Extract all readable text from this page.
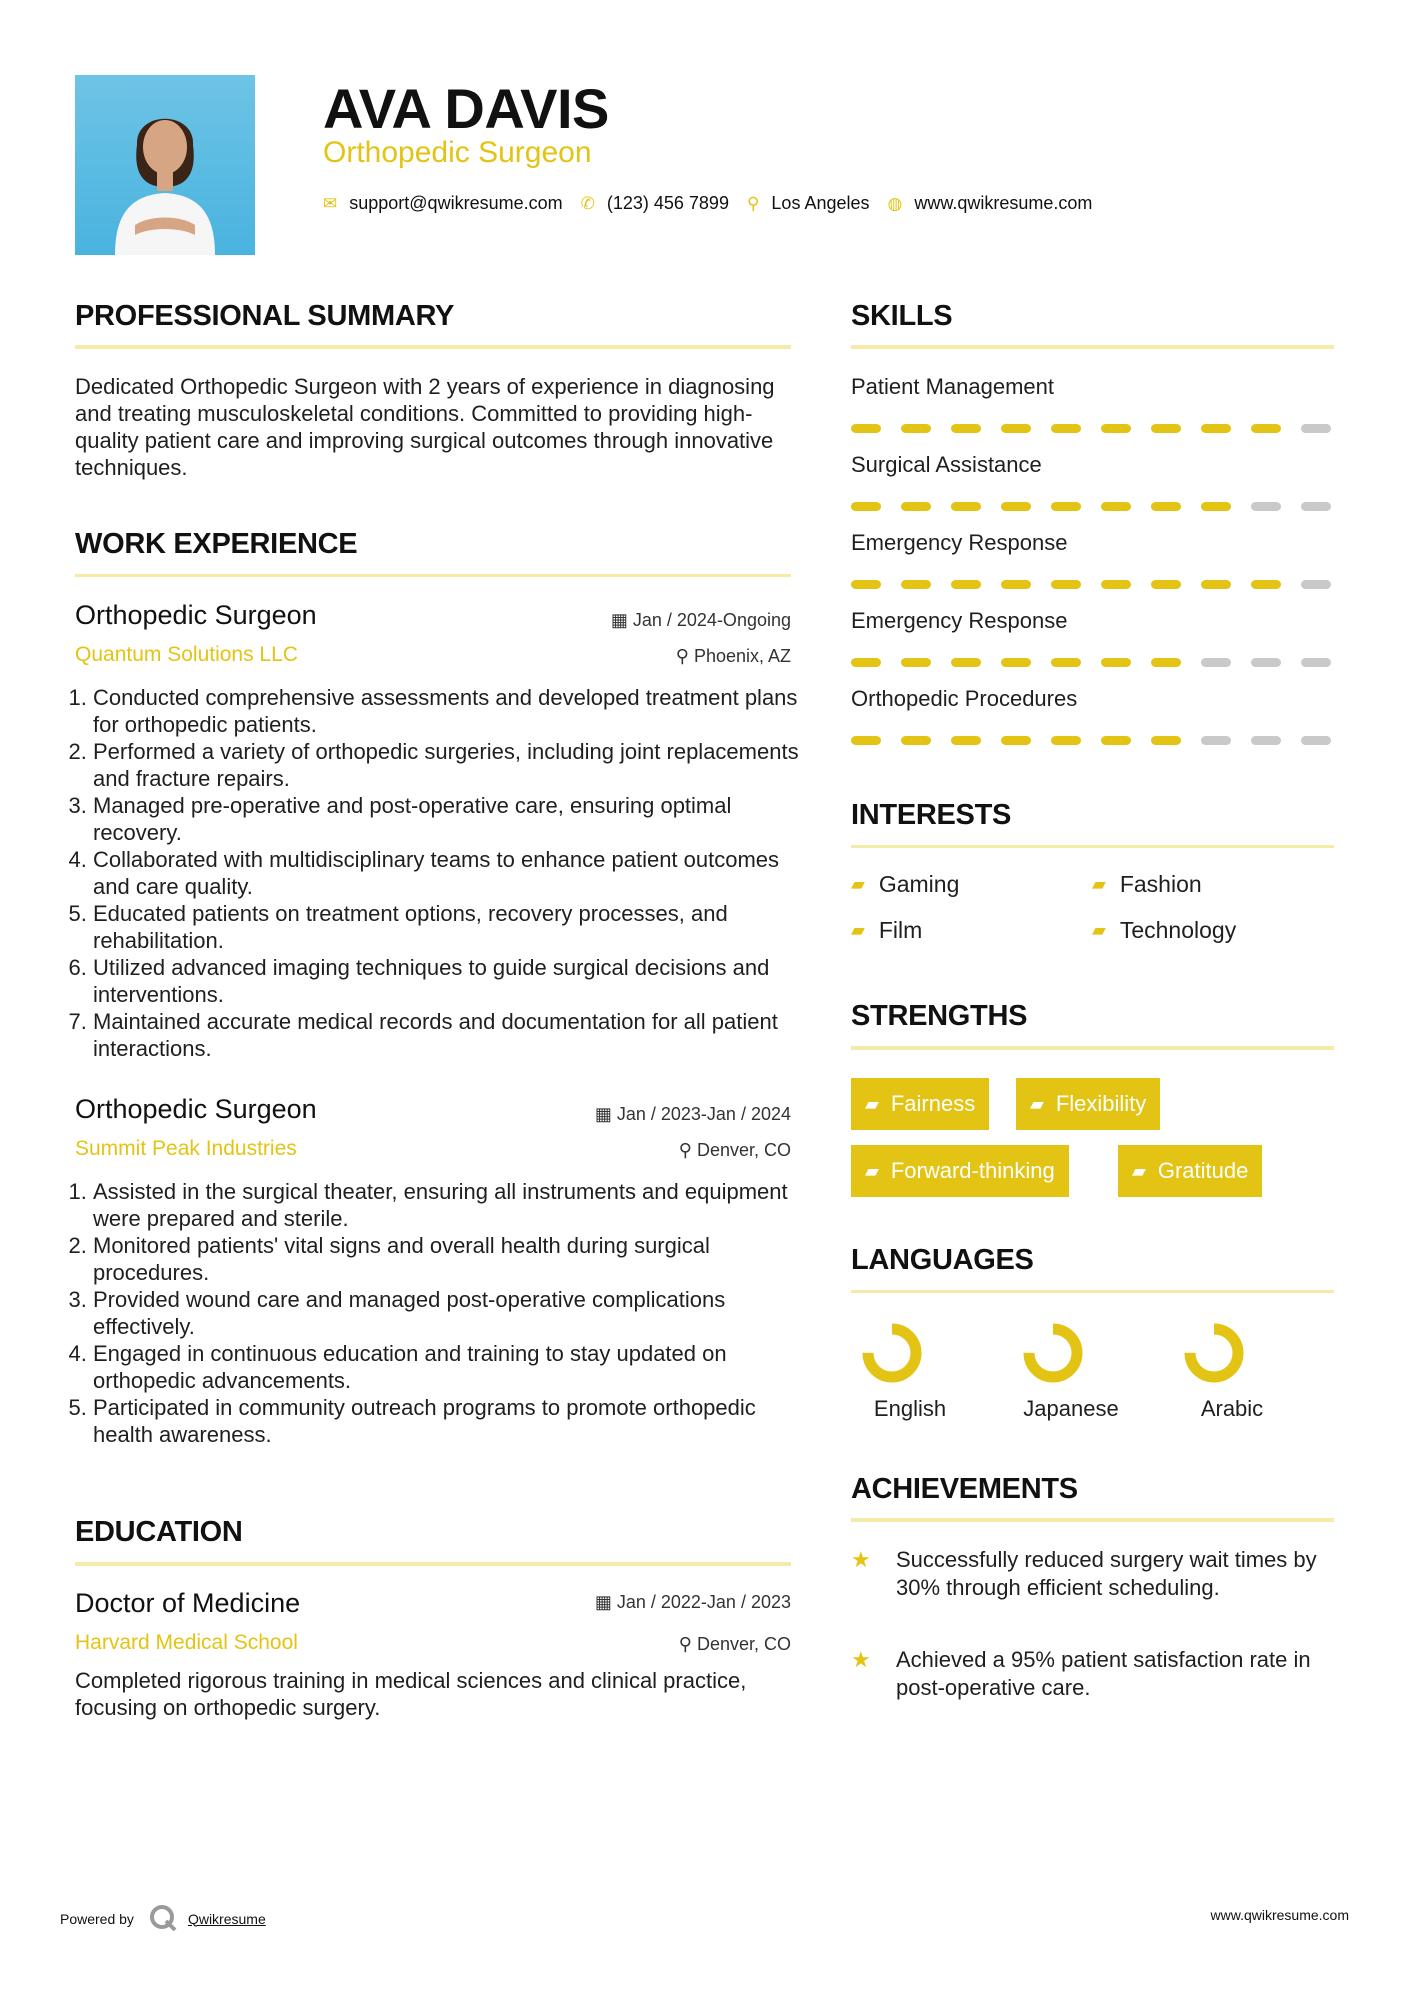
AVA DAVIS
Orthopedic Surgeon
✉ support@qwikresume.com ✆ (123) 456 7899 ⚲ Los Angeles ◍ www.qwikresume.com
PROFESSIONAL SUMMARY
Dedicated Orthopedic Surgeon with 2 years of experience in diagnosing and treating musculoskeletal conditions. Committed to providing high-quality patient care and improving surgical outcomes through innovative techniques.
WORK EXPERIENCE
Orthopedic Surgeon	▦ Jan / 2024-Ongoing
Quantum Solutions LLC	⚲ Phoenix, AZ
1. Conducted comprehensive assessments and developed treatment plans for orthopedic patients.
2. Performed a variety of orthopedic surgeries, including joint replacements and fracture repairs.
3. Managed pre-operative and post-operative care, ensuring optimal recovery.
4. Collaborated with multidisciplinary teams to enhance patient outcomes and care quality.
5. Educated patients on treatment options, recovery processes, and rehabilitation.
6. Utilized advanced imaging techniques to guide surgical decisions and interventions.
7. Maintained accurate medical records and documentation for all patient interactions.
Orthopedic Surgeon	▦ Jan / 2023-Jan / 2024
Summit Peak Industries	⚲ Denver, CO
1. Assisted in the surgical theater, ensuring all instruments and equipment were prepared and sterile.
2. Monitored patients' vital signs and overall health during surgical procedures.
3. Provided wound care and managed post-operative complications effectively.
4. Engaged in continuous education and training to stay updated on orthopedic advancements.
5. Participated in community outreach programs to promote orthopedic health awareness.
EDUCATION
Doctor of Medicine	▦ Jan / 2022-Jan / 2023
Harvard Medical School	⚲ Denver, CO
Completed rigorous training in medical sciences and clinical practice, focusing on orthopedic surgery.
SKILLS
Patient Management
Surgical Assistance
Emergency Response
Emergency Response
Orthopedic Procedures
INTERESTS
▰ Gaming	▰ Fashion
▰ Film	▰ Technology
STRENGTHS
▰ Fairness	▰ Flexibility
▰ Forward-thinking	▰ Gratitude
LANGUAGES
English	Japanese	Arabic
ACHIEVEMENTS
★	Successfully reduced surgery wait times by 30% through efficient scheduling.
★	Achieved a 95% patient satisfaction rate in post-operative care.
Powered by	Qwikresume	www.qwikresume.com
